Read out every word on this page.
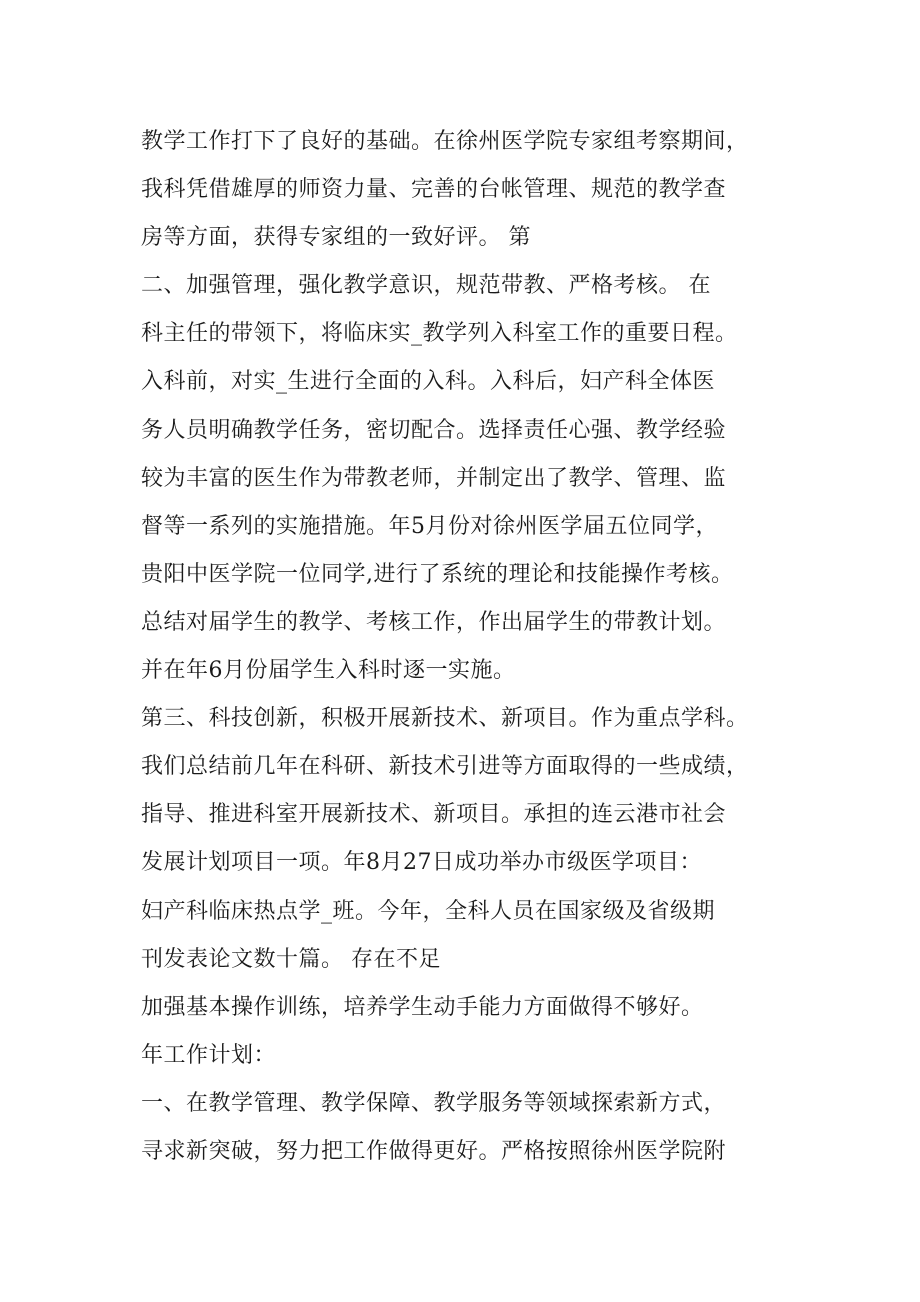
教学工作打下了良好的基础。在徐州医学院专家组考察期间，
我科凭借雄厚的师资力量、完善的台帐管理、规范的教学查
房等方面，获得专家组的一致好评。 第
二、加强管理，强化教学意识，规范带教、严格考核。 在
科主任的带领下，将临床实_教学列入科室工作的重要日程。
入科前，对实_生进行全面的入科。入科后，妇产科全体医
务人员明确教学任务，密切配合。选择责任心强、教学经验
较为丰富的医生作为带教老师，并制定出了教学、管理、监
督等一系列的实施措施。年5月份对徐州医学届五位同学，
贵阳中医学院一位同学,进行了系统的理论和技能操作考核。
总结对届学生的教学、考核工作，作出届学生的带教计划。
并在年6月份届学生入科时逐一实施。
第三、科技创新，积极开展新技术、新项目。作为重点学科。
我们总结前几年在科研、新技术引进等方面取得的一些成绩，
指导、推进科室开展新技术、新项目。承担的连云港市社会
发展计划项目一项。年8月27日成功举办市级医学项目：
妇产科临床热点学_班。今年，全科人员在国家级及省级期
刊发表论文数十篇。 存在不足
加强基本操作训练，培养学生动手能力方面做得不够好。
年工作计划：
一、在教学管理、教学保障、教学服务等领域探索新方式，
寻求新突破，努力把工作做得更好。严格按照徐州医学院附
